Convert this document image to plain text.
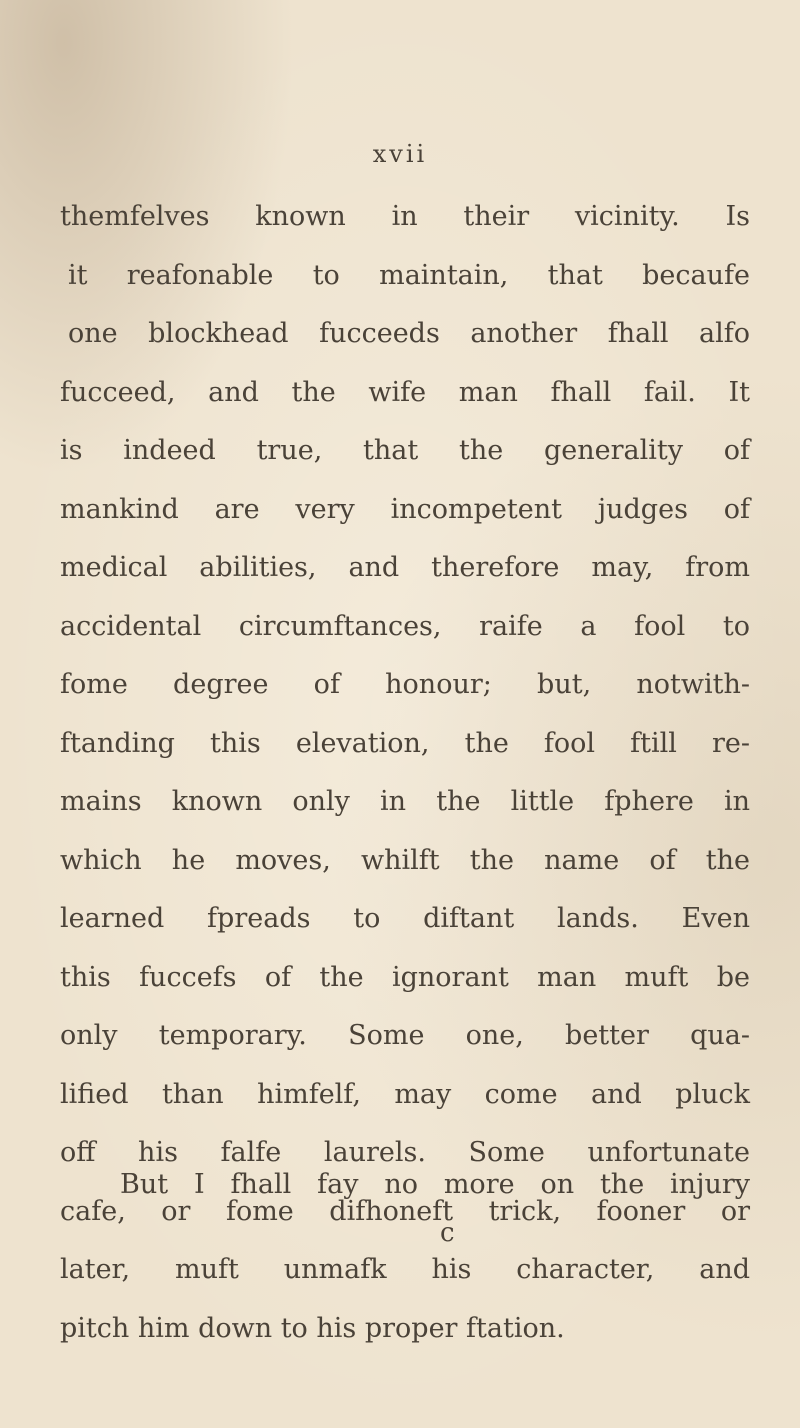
xvii
themfelves known in their vicinity. Is
it reafonable to maintain, that becaufe
one blockhead fucceeds another fhall alfo
fucceed, and the wife man fhall fail. It
is indeed true, that the generality of
mankind are very incompetent judges of
medical abilities, and therefore may, from
accidental circumftances, raife a fool to
fome degree of honour; but, notwith-
ftanding this elevation, the fool ftill re-
mains known only in the little fphere in
which he moves, whilft the name of the
learned fpreads to diftant lands. Even
this fuccefs of the ignorant man muft be
only temporary. Some one, better qua-
lified than himfelf, may come and pluck
off his falfe laurels. Some unfortunate
cafe, or fome difhoneft trick, fooner or
later, muft unmafk his character, and
pitch him down to his proper ftation.
But I fhall fay no more on the injury
c
